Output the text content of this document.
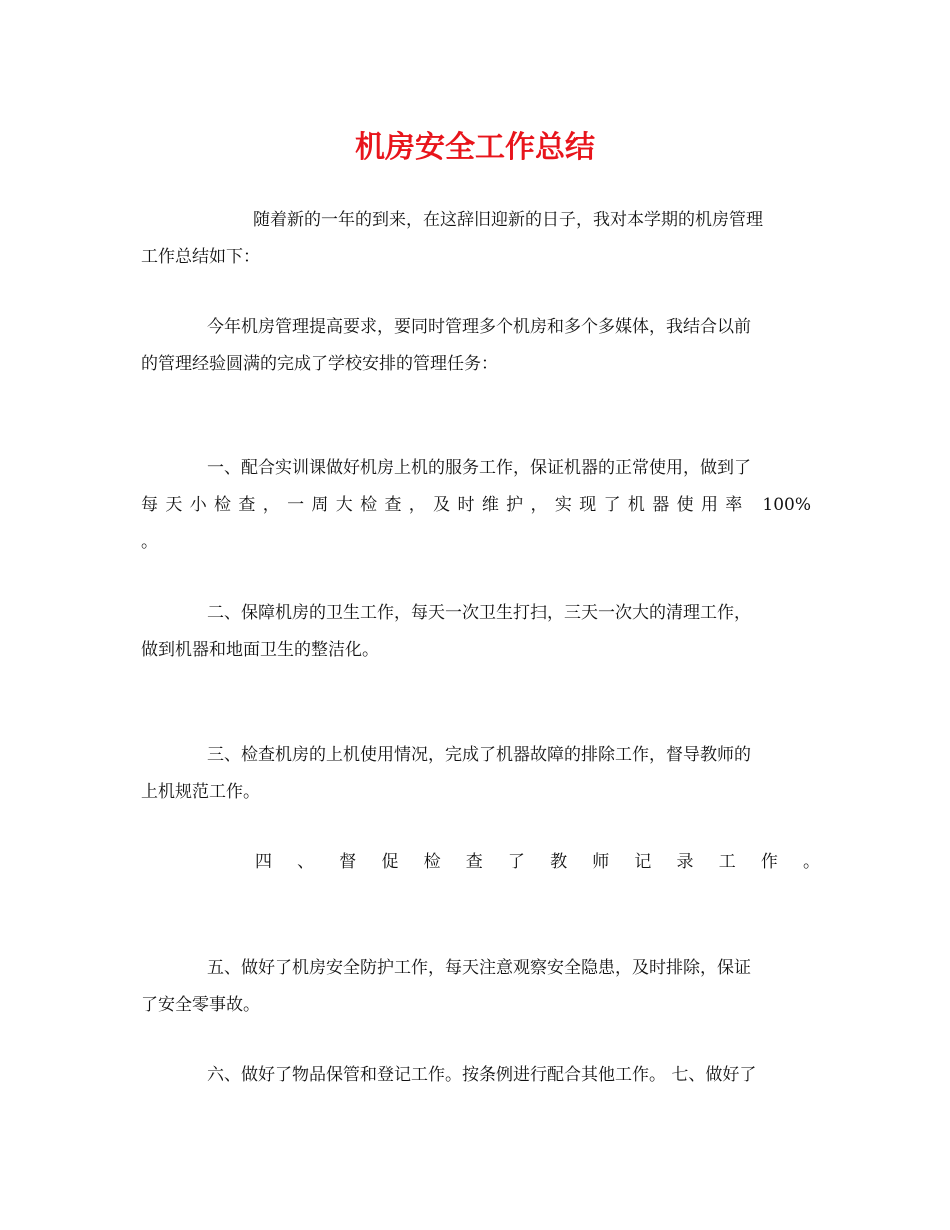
机房安全工作总结
随着新的一年的到来，在这辞旧迎新的日子，我对本学期的机房管理
工作总结如下：
今年机房管理提高要求，要同时管理多个机房和多个多媒体，我结合以前
的管理经验圆满的完成了学校安排的管理任务：
一、配合实训课做好机房上机的服务工作，保证机器的正常使用，做到了
每天小检查，一周大检查，及时维护，实现了机器使用率 100%
。
二、保障机房的卫生工作，每天一次卫生打扫，三天一次大的清理工作，
做到机器和地面卫生的整洁化。
三、检查机房的上机使用情况，完成了机器故障的排除工作，督导教师的
上机规范工作。
四、督促检查了教师记录工作。
五、做好了机房安全防护工作，每天注意观察安全隐患，及时排除，保证
了安全零事故。
六、做好了物品保管和登记工作。按条例进行配合其他工作。 七、做好了
